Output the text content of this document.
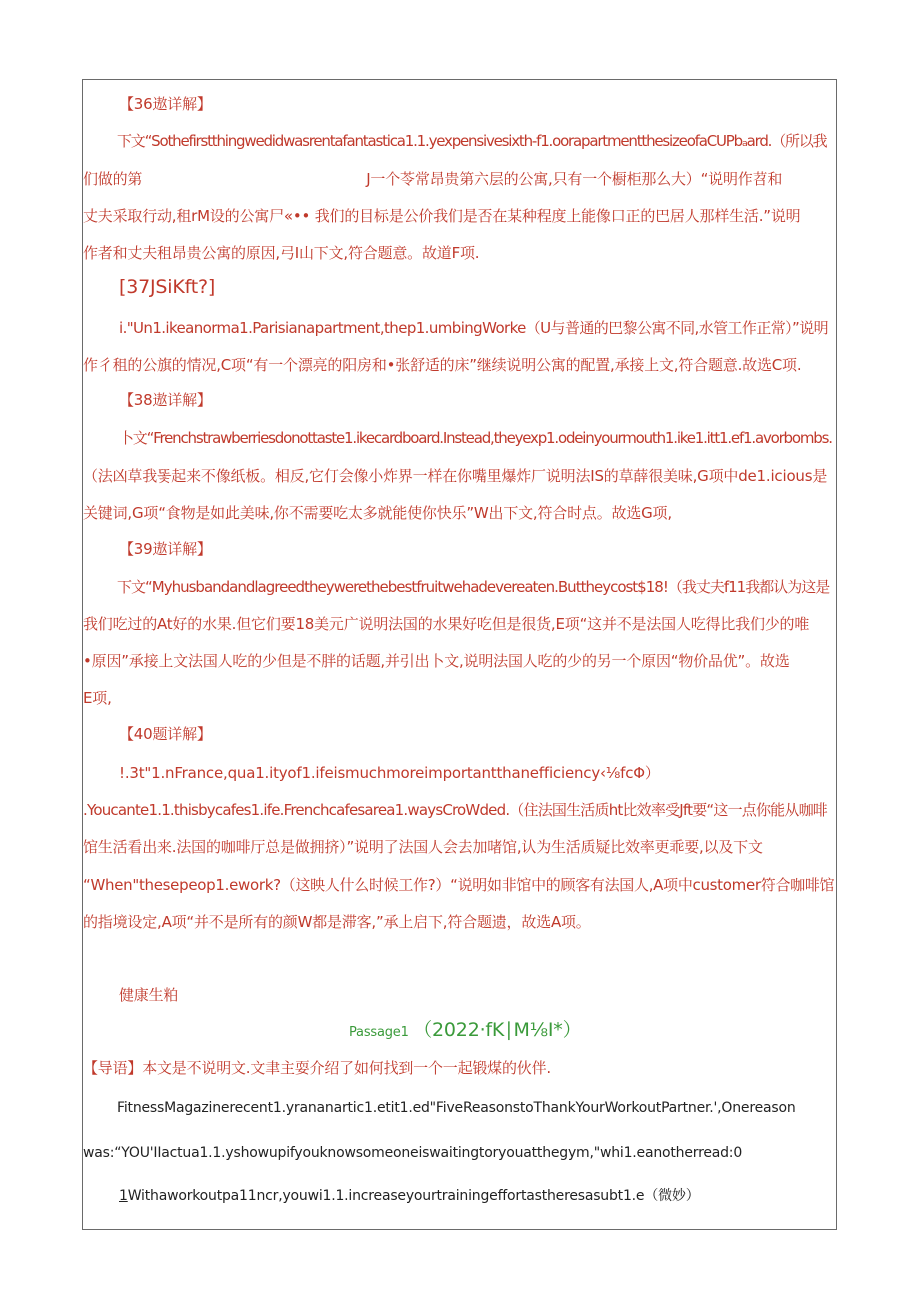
【36遨详解】
下文“Sothefirstthingwedidwasrentafantastica1.1.yexpensivesixth-f1.oorapartmentthesizeofaCUPbₐard.（所以我
们做的第	J一个苓常昂贵第六层的公寓,只有一个橱柜那么大）“说明作苕和
丈夫采取行动,租rM设的公寓尸«•• 我们的目标是公价我们是否在某种程度上能像口正的巴居人那样生活.”说明
作者和丈夫租昂贵公寓的原因,弓I山下文,符合题意。故道F项.
[37JSiKft?]
i."Un1.ikeanorma1.Parisianapartment,thep1.umbingWorke（U与普通的巴黎公寓不同,水管工作正常）”说明
作彳租的公旗的情况,C项“有一个漂亮的阳房和•张舒适的床”继续说明公寓的配置,承接上文,符合题意.故选C项.
【38遨详解】
卜文“Frenchstrawberriesdonottaste1.ikecardboard.Instead,theyexp1.odeinyourmouth1.ike1.itt1.ef1.avorbombs.
（法凶草我똧起来不像纸板。相反,它仃会像小炸界一样在你嘴里爆炸厂说明法IS的草薛很美味,G项中de1.icious是
关键词,G项“食物是如此美味,你不需要吃太多就能使你快乐”W出下文,符合时点。故选G项,
【39遨详解】
下文“Myhusbandandlagreedtheywerethebestfruitwehadevereaten.Buttheycost$18!（我丈夫f11我都认为这是
我们吃过的At好的水果.但它们要18美元广说明法国的水果好吃但是很货,E项“这并不是法国人吃得比我们少的唯
•原因”承接上文法国人吃的少但是不胖的话题,并引出卜文,说明法国人吃的少的另一个原因“物价品优”。故选
E项,
【40题详解】
!.3t"1.nFrance,qua1.ityof1.ifeismuchmoreimportantthanefficiency‹⅛fcΦ）
.Youcante1.1.thisbycafes1.ife.Frenchcafesarea1.waysCroWded.（住法国生活质ht比效率受Jft要“这一点你能从咖啡
馆生活看出来.法国的咖啡厅总是做拥挤）”说明了法国人会去加啫馆,认为生活质疑比效率更乖要,以及下文
“When"thesepeop1.ework?（这映人什么时候工作?）“说明如非馆中的顾客有法国人,A项中customer符合咖啡馆
的指境设定,A项“并不是所有的颜W都是滞客,”承上启下,符合题遗，故选A项。
健康生粕
Passage1 （2022·fK∣M⅛I*）
【导语】本文是不说明文.文聿主耍介绍了如何找到一个一起锻煤的伙伴.
FitnessMagazinerecent1.yrananartic1.etit1.ed"FiveReasonstoThankYourWorkoutPartner.',Onereason
was:“YOU'IIactua1.1.yshowupifyouknowsomeoneiswaitingtoryouatthegym,"whi1.eanotherread:0
1Withaworkoutpa11ncr,youwi1.1.increaseyourtrainingeffortastheresasubt1.e（微妙）
